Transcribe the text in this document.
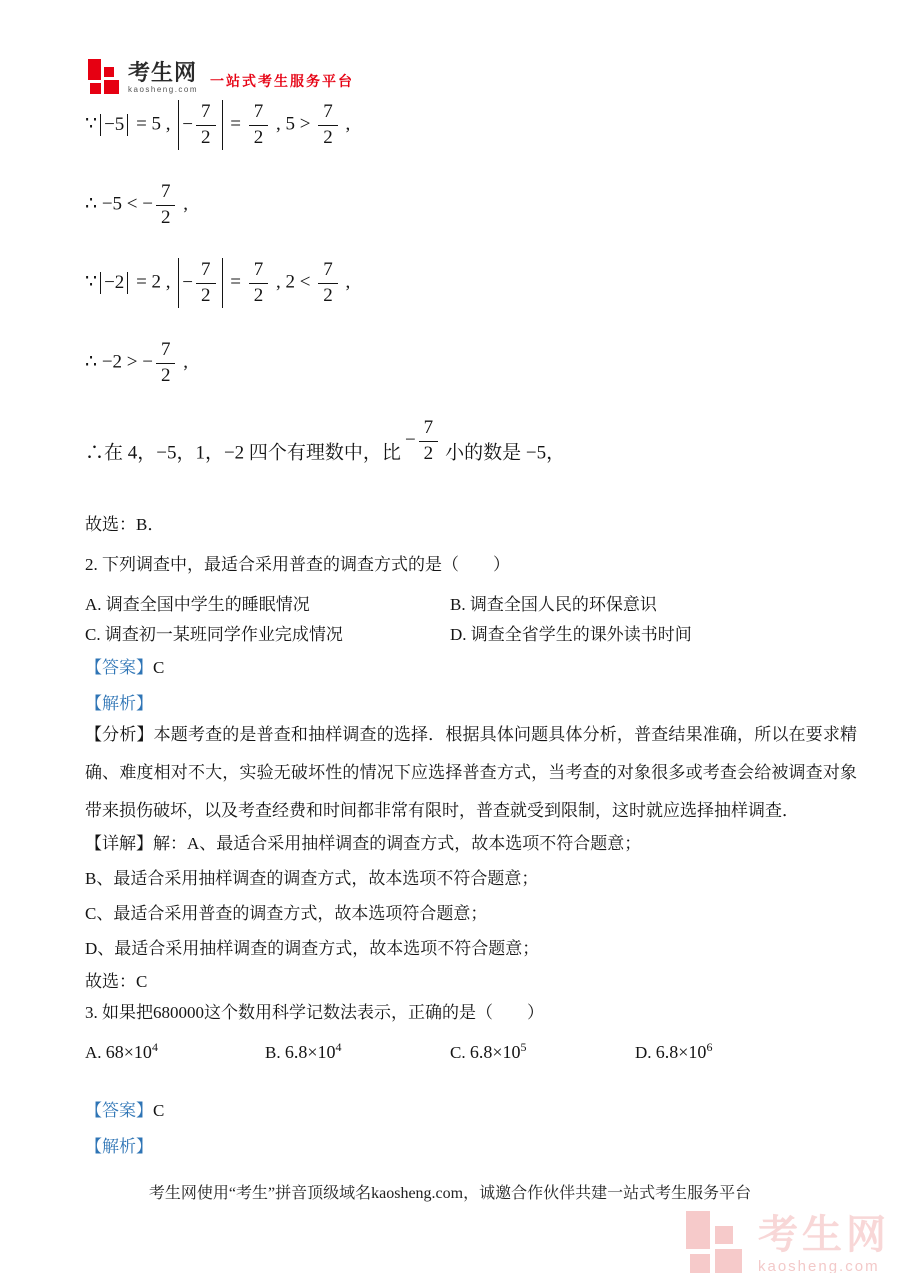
考生网
kaosheng.com
一站式考生服务平台
∵ −5 = 5 , − $\frac{7}{2} = \frac{7}{2}$ , $5 > \frac{7}{2}$ ,
∴ −5 < − $\frac{7}{2}$ ,
∵ −2 = 2 , − $\frac{7}{2} = \frac{7}{2}$ , $2 < \frac{7}{2}$ ,
∴ −2 > − $\frac{7}{2}$ ,
∴在 4，−5，1，−2 四个有理数中，比− $\frac{7}{2}$ 小的数是 −5，
故选：B．
2. 下列调查中，最适合采用普查的调查方式的是（　　）
A. 调查全国中学生的睡眠情况	B. 调查全国人民的环保意识
C. 调查初一某班同学作业完成情况	D. 调查全省学生的课外读书时间
【答案】C
【解析】
【分析】本题考查的是普查和抽样调查的选择．根据具体问题具体分析，普查结果准确，所以在要求精确、难度相对不大，实验无破坏性的情况下应选择普查方式，当考查的对象很多或考查会给被调查对象带来损伤破坏，以及考查经费和时间都非常有限时，普查就受到限制，这时就应选择抽样调查．
【详解】解：A、最适合采用抽样调查的调查方式，故本选项不符合题意；
B、最适合采用抽样调查的调查方式，故本选项不符合题意；
C、最适合采用普查的调查方式，故本选项符合题意；
D、最适合采用抽样调查的调查方式，故本选项不符合题意；
故选：C
3. 如果把680000这个数用科学记数法表示，正确的是（　　）
A. $68\times 10^4$	B. $6.8\times 10^4$	C. $6.8\times 10^5$	D. $6.8\times 10^6$
【答案】C
【解析】
考生网使用“考生”拼音顶级域名kaosheng.com，诚邀合作伙伴共建一站式考生服务平台
考生网
kaosheng.com
